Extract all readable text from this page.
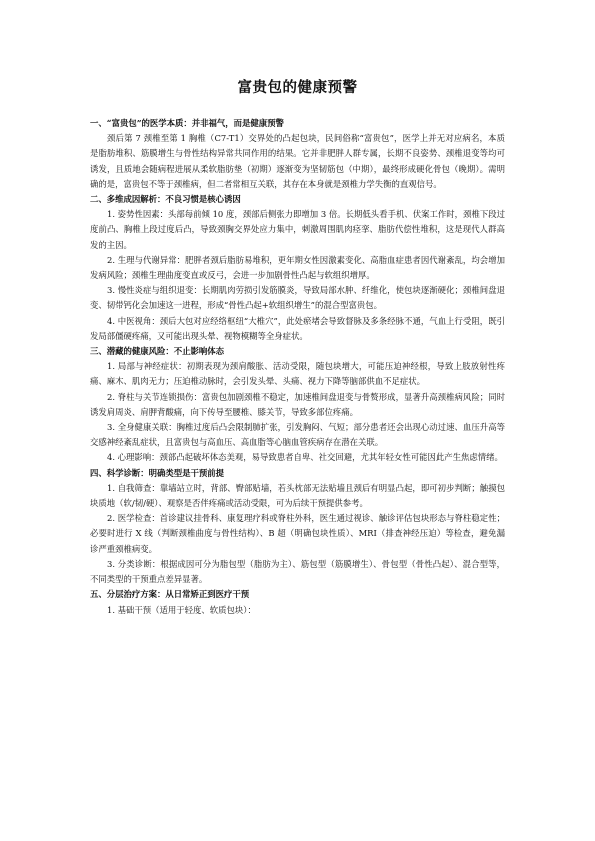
富贵包的健康预警

一、“富贵包”的医学本质：并非福气，而是健康预警

颈后第 7 颈椎至第 1 胸椎（C7-T1）交界处的凸起包块，民间俗称“富贵包”，医学上并无对应病名，本质是脂肪堆积、筋膜增生与骨性结构异常共同作用的结果。它并非肥胖人群专属，长期不良姿势、颈椎退变等均可诱发，且质地会随病程进展从柔软脂肪垫（初期）逐渐变为坚韧筋包（中期），最终形成硬化骨包（晚期）。需明确的是，富贵包不等于颈椎病，但二者常相互关联，其存在本身就是颈椎力学失衡的直观信号。

二、多维成因解析：不良习惯是核心诱因

1. 姿势性因素：头部每前倾 10 度，颈部后侧张力即增加 3 倍。长期低头看手机、伏案工作时，颈椎下段过度前凸、胸椎上段过度后凸，导致颈胸交界处应力集中，刺激周围肌肉痉挛、脂肪代偿性堆积，这是现代人群高发的主因。

2. 生理与代谢异常：肥胖者颈后脂肪易堆积，更年期女性因激素变化、高脂血症患者因代谢紊乱，均会增加发病风险；颈椎生理曲度变直或反弓，会进一步加剧骨性凸起与软组织增厚。

3. 慢性炎症与组织退变：长期肌肉劳损引发筋膜炎，导致局部水肿、纤维化，使包块逐渐硬化；颈椎间盘退变、韧带钙化会加速这一进程，形成“骨性凸起+软组织增生”的混合型富贵包。

4. 中医视角：颈后大包对应经络枢纽“大椎穴”，此处瘀堵会导致督脉及多条经脉不通，气血上行受阻，既引发局部僵硬疼痛，又可能出现头晕、视物模糊等全身症状。

三、潜藏的健康风险：不止影响体态

1. 局部与神经症状：初期表现为颈肩酸胀、活动受限，随包块增大，可能压迫神经根，导致上肢放射性疼痛、麻木、肌肉无力；压迫椎动脉时，会引发头晕、头痛、视力下降等脑部供血不足症状。

2. 脊柱与关节连锁损伤：富贵包加剧颈椎不稳定，加速椎间盘退变与骨赘形成，显著升高颈椎病风险；同时诱发肩周炎、肩胛背酸痛，向下传导至腰椎、膝关节，导致多部位疼痛。

3. 全身健康关联：胸椎过度后凸会限制肺扩张，引发胸闷、气短；部分患者还会出现心动过速、血压升高等交感神经紊乱症状，且富贵包与高血压、高血脂等心脑血管疾病存在潜在关联。

4. 心理影响：颈部凸起破坏体态美观，易导致患者自卑、社交回避，尤其年轻女性可能因此产生焦虑情绪。

四、科学诊断：明确类型是干预前提

1. 自我筛查：靠墙站立时，背部、臀部贴墙，若头枕部无法贴墙且颈后有明显凸起，即可初步判断；触摸包块质地（软/韧/硬）、观察是否伴疼痛或活动受限，可为后续干预提供参考。

2. 医学检查：首诊建议挂骨科、康复理疗科或脊柱外科，医生通过视诊、触诊评估包块形态与脊柱稳定性；必要时进行 X 线（判断颈椎曲度与骨性结构）、B 超（明确包块性质）、MRI（排查神经压迫）等检查，避免漏诊严重颈椎病变。

3. 分类诊断：根据成因可分为脂包型（脂肪为主）、筋包型（筋膜增生）、骨包型（骨性凸起）、混合型等，不同类型的干预重点差异显著。

五、分层治疗方案：从日常矫正到医疗干预

1. 基础干预（适用于轻度、软质包块）：
